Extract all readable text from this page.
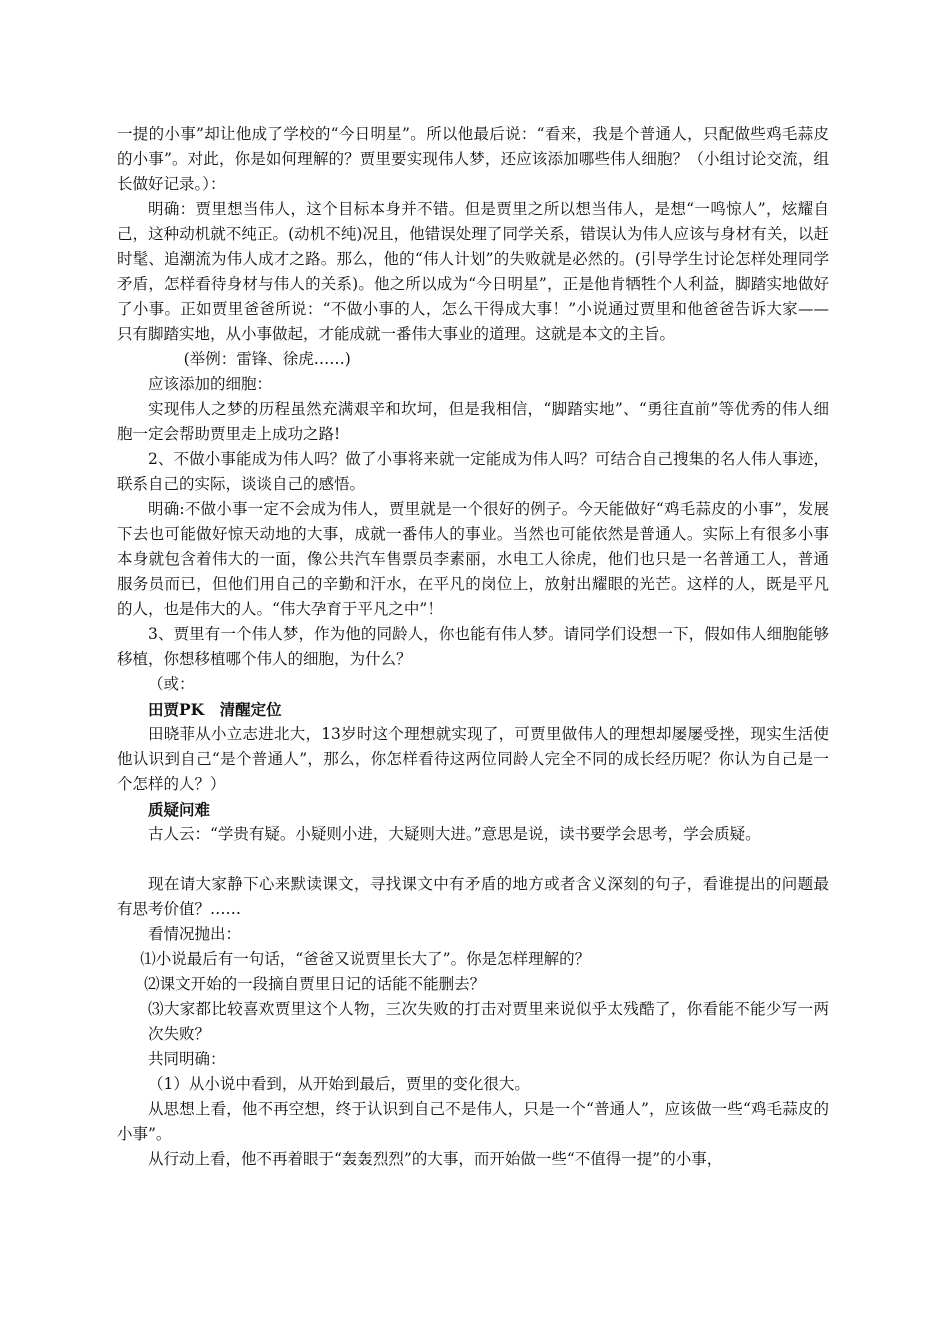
一提的小事”却让他成了学校的“今日明星”。所以他最后说：“看来，我是个普通人，只配做些鸡毛蒜皮的小事”。对此，你是如何理解的？贾里要实现伟人梦，还应该添加哪些伟人细胞？（小组讨论交流，组长做好记录。）：

明确：贾里想当伟人，这个目标本身并不错。但是贾里之所以想当伟人，是想“一鸣惊人”，炫耀自己，这种动机就不纯正。(动机不纯)况且，他错误处理了同学关系，错误认为伟人应该与身材有关，以赶时髦、追潮流为伟人成才之路。那么，他的“伟人计划”的失败就是必然的。(引导学生讨论怎样处理同学矛盾，怎样看待身材与伟人的关系)。他之所以成为“今日明星”，正是他肯牺牲个人利益，脚踏实地做好了小事。正如贾里爸爸所说：“不做小事的人，怎么干得成大事！”小说通过贾里和他爸爸告诉大家——只有脚踏实地，从小事做起，才能成就一番伟大事业的道理。这就是本文的主旨。

(举例：雷锋、徐虎……)

应该添加的细胞：

实现伟人之梦的历程虽然充满艰辛和坎坷，但是我相信，“脚踏实地”、“勇往直前”等优秀的伟人细胞一定会帮助贾里走上成功之路!

2、不做小事能成为伟人吗？做了小事将来就一定能成为伟人吗？可结合自己搜集的名人伟人事迹，联系自己的实际，谈谈自己的感悟。

明确:不做小事一定不会成为伟人，贾里就是一个很好的例子。今天能做好“鸡毛蒜皮的小事”，发展下去也可能做好惊天动地的大事，成就一番伟人的事业。当然也可能依然是普通人。实际上有很多小事本身就包含着伟大的一面，像公共汽车售票员李素丽，水电工人徐虎，他们也只是一名普通工人，普通服务员而已，但他们用自己的辛勤和汗水，在平凡的岗位上，放射出耀眼的光芒。这样的人，既是平凡的人，也是伟大的人。“伟大孕育于平凡之中”！

3、贾里有一个伟人梦，作为他的同龄人，你也能有伟人梦。请同学们设想一下，假如伟人细胞能够移植，你想移植哪个伟人的细胞，为什么？

（或：

田贾PK　清醒定位

田晓菲从小立志进北大，13岁时这个理想就实现了，可贾里做伟人的理想却屡屡受挫，现实生活使他认识到自己“是个普通人”，那么，你怎样看待这两位同龄人完全不同的成长经历呢？你认为自己是一个怎样的人？）

质疑问难

古人云：“学贵有疑。小疑则小进，大疑则大进。”意思是说，读书要学会思考，学会质疑。

现在请大家静下心来默读课文，寻找课文中有矛盾的地方或者含义深刻的句子，看谁提出的问题最有思考价值？……

看情况抛出：

⑴小说最后有一句话，“爸爸又说贾里长大了”。你是怎样理解的？

⑵课文开始的一段摘自贾里日记的话能不能删去？

⑶大家都比较喜欢贾里这个人物，三次失败的打击对贾里来说似乎太残酷了，你看能不能少写一两次失败？

共同明确：

（1）从小说中看到，从开始到最后，贾里的变化很大。

从思想上看，他不再空想，终于认识到自己不是伟人，只是一个“普通人”，应该做一些“鸡毛蒜皮的小事”。

从行动上看，他不再着眼于“轰轰烈烈”的大事，而开始做一些“不值得一提”的小事，
